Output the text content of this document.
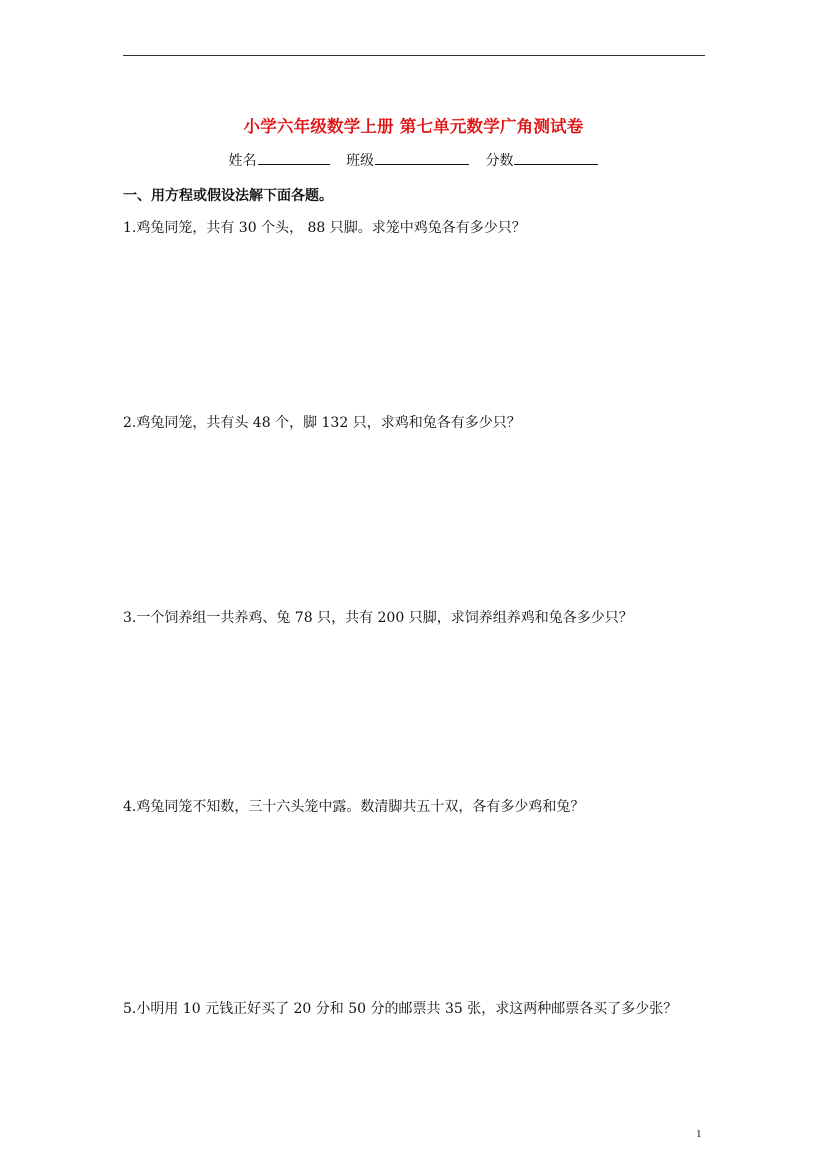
小学六年级数学上册 第七单元数学广角测试卷
姓名	班级	分数
一、用方程或假设法解下面各题。
1.鸡兔同笼，共有 30 个头， 88 只脚。求笼中鸡兔各有多少只？
2.鸡兔同笼，共有头 48 个，脚 132 只，求鸡和兔各有多少只？
3.一个饲养组一共养鸡、兔 78 只，共有 200 只脚，求饲养组养鸡和兔各多少只？
4.鸡兔同笼不知数，三十六头笼中露。数清脚共五十双，各有多少鸡和兔？
5.小明用 10 元钱正好买了 20 分和 50 分的邮票共 35 张，求这两种邮票各买了多少张？
1
